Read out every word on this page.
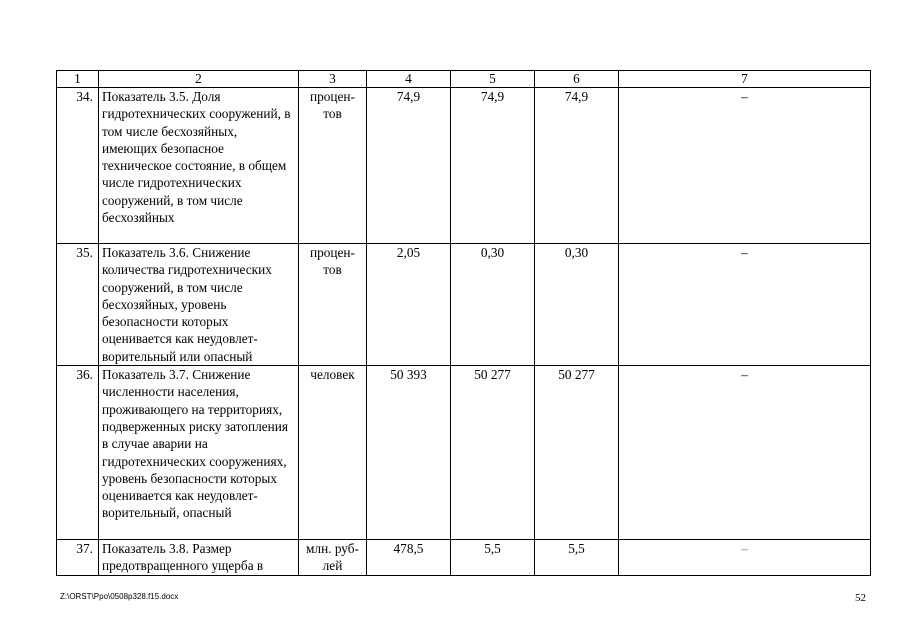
1	2	3	4	5	6	7
34.	Показатель 3.5. Доля гидротехнических сооружений, в том числе бесхозяйных, имеющих безопасное техническое состояние, в общем числе гидротехнических сооружений, в том числе бесхозяйных	процен-тов	74,9	74,9	74,9	–
35.	Показатель 3.6. Снижение количества гидротехнических сооружений, в том числе бесхозяйных, уровень безопасности которых оценивается как неудовлет-ворительный или опасный	процен-тов	2,05	0,30	0,30	–
36.	Показатель 3.7. Снижение численности населения, проживающего на территориях, подверженных риску затопления в случае аварии на гидротехнических сооружениях, уровень безопасности которых оценивается как неудовлет-ворительный, опасный	человек	50 393	50 277	50 277	–
37.	Показатель 3.8. Размер предотвращенного ущерба в	млн. руб-лей	478,5	5,5	5,5	–
Z:\ORST\Ppo\0508p328.f15.docx	52
